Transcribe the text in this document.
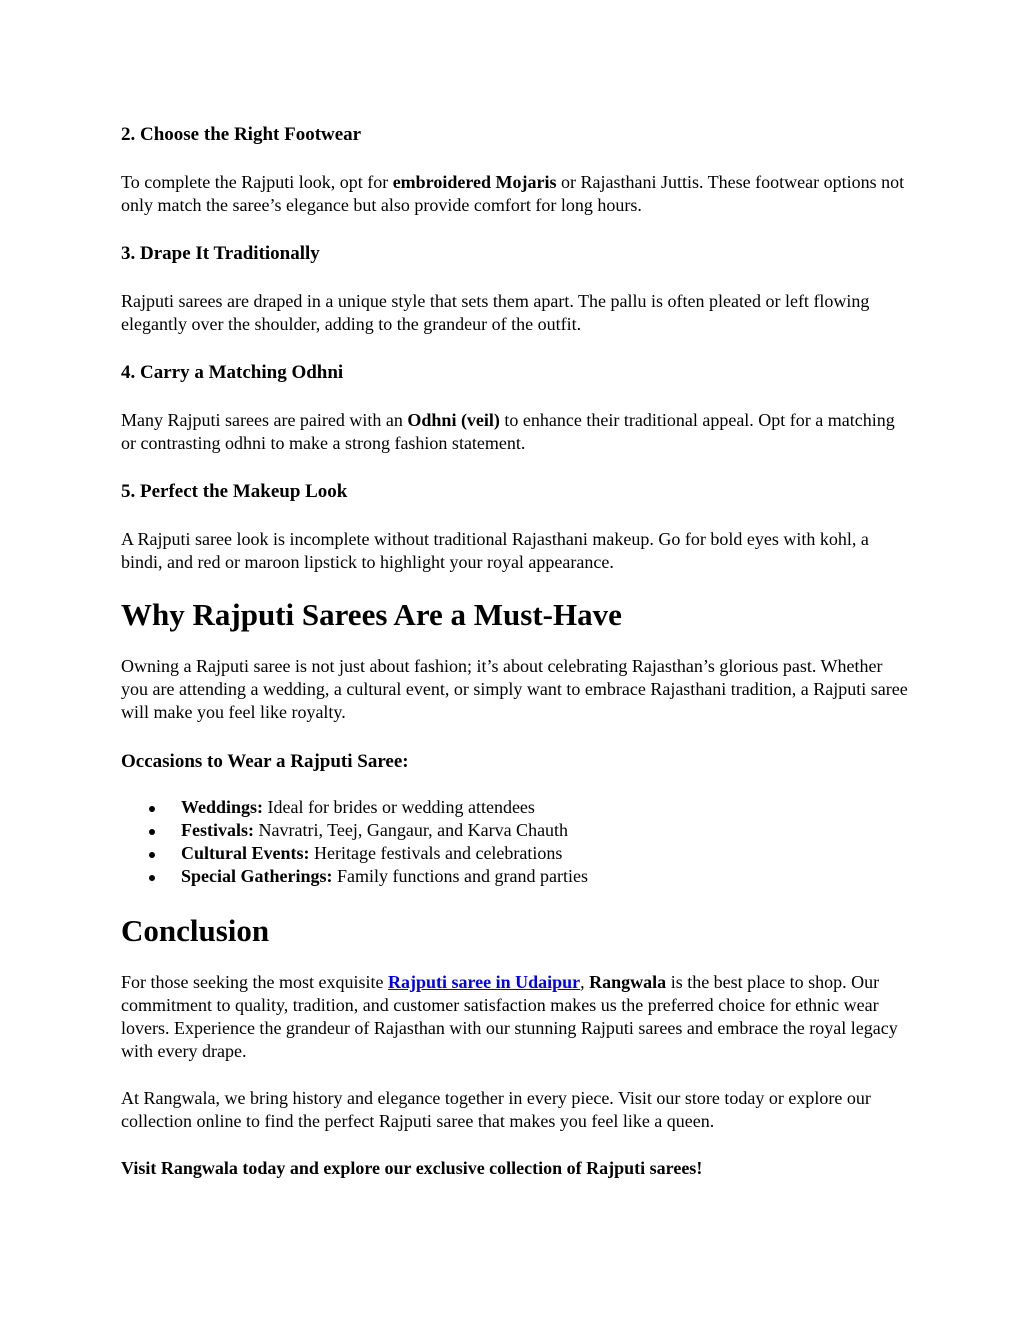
2. Choose the Right Footwear

To complete the Rajputi look, opt for embroidered Mojaris or Rajasthani Juttis. These footwear options not only match the saree’s elegance but also provide comfort for long hours.

3. Drape It Traditionally

Rajputi sarees are draped in a unique style that sets them apart. The pallu is often pleated or left flowing elegantly over the shoulder, adding to the grandeur of the outfit.

4. Carry a Matching Odhni

Many Rajputi sarees are paired with an Odhni (veil) to enhance their traditional appeal. Opt for a matching or contrasting odhni to make a strong fashion statement.

5. Perfect the Makeup Look

A Rajputi saree look is incomplete without traditional Rajasthani makeup. Go for bold eyes with kohl, a bindi, and red or maroon lipstick to highlight your royal appearance.

Why Rajputi Sarees Are a Must-Have

Owning a Rajputi saree is not just about fashion; it’s about celebrating Rajasthan’s glorious past. Whether you are attending a wedding, a cultural event, or simply want to embrace Rajasthani tradition, a Rajputi saree will make you feel like royalty.

Occasions to Wear a Rajputi Saree:
Weddings: Ideal for brides or wedding attendees
Festivals: Navratri, Teej, Gangaur, and Karva Chauth
Cultural Events: Heritage festivals and celebrations
Special Gatherings: Family functions and grand parties
Conclusion

For those seeking the most exquisite Rajputi saree in Udaipur, Rangwala is the best place to shop. Our commitment to quality, tradition, and customer satisfaction makes us the preferred choice for ethnic wear lovers. Experience the grandeur of Rajasthan with our stunning Rajputi sarees and embrace the royal legacy with every drape.

At Rangwala, we bring history and elegance together in every piece. Visit our store today or explore our collection online to find the perfect Rajputi saree that makes you feel like a queen.

Visit Rangwala today and explore our exclusive collection of Rajputi sarees!
